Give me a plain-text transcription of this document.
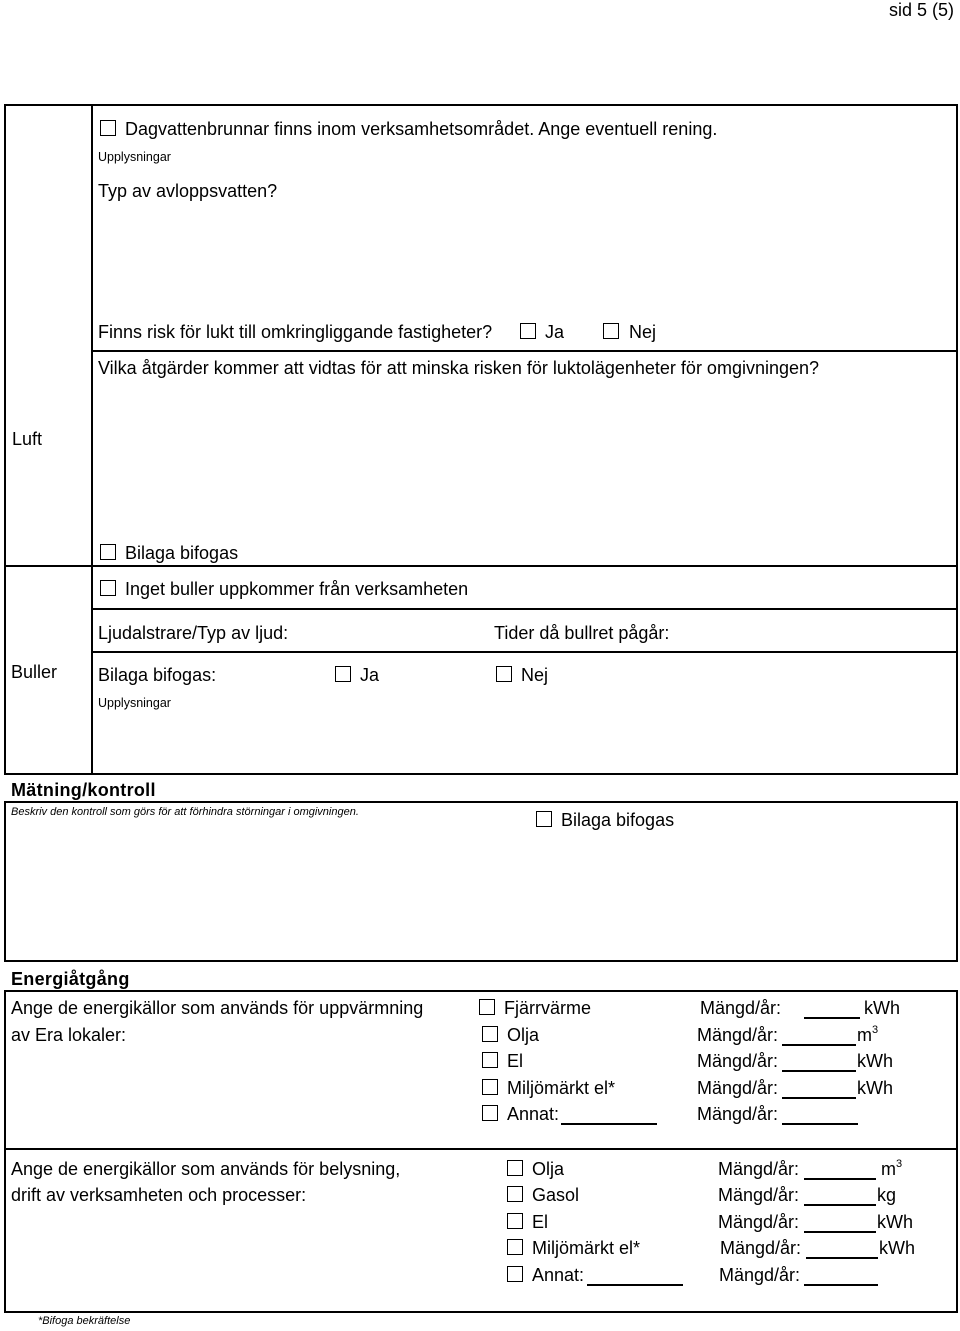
sid 5 (5)
Luft
Dagvattenbrunnar finns inom verksamhetsområdet. Ange eventuell rening.
Upplysningar
Typ av avloppsvatten?
Finns risk för lukt till omkringliggande fastigheter?	Ja	Nej
Vilka åtgärder kommer att vidtas för att minska risken för luktolägenheter för omgivningen?
Buller
Bilaga bifogas
Inget buller uppkommer från verksamheten
Ljudalstrare/Typ av ljud:	Tider då bullret pågår:
Bilaga bifogas:	Ja	Nej
Upplysningar
Mätning/kontroll
Beskriv den kontroll som görs för att förhindra störningar i omgivningen.	Bilaga bifogas
Energiåtgång
Ange de energikällor som används för uppvärmning
av Era lokaler:
Fjärrvärme	Mängd/år:	kWh
Olja	Mängd/år:	$m^3$
El	Mängd/år:	kWh
Miljömärkt el*	Mängd/år:	kWh
Annat:	Mängd/år:
Ange de energikällor som används för belysning,
drift av verksamheten och processer:
Olja	Mängd/år:	$m^3$
Gasol	Mängd/år:	kg
El	Mängd/år:	kWh
Miljömärkt el*	Mängd/år:	kWh
Annat:	Mängd/år:
*Bifoga bekräftelse
